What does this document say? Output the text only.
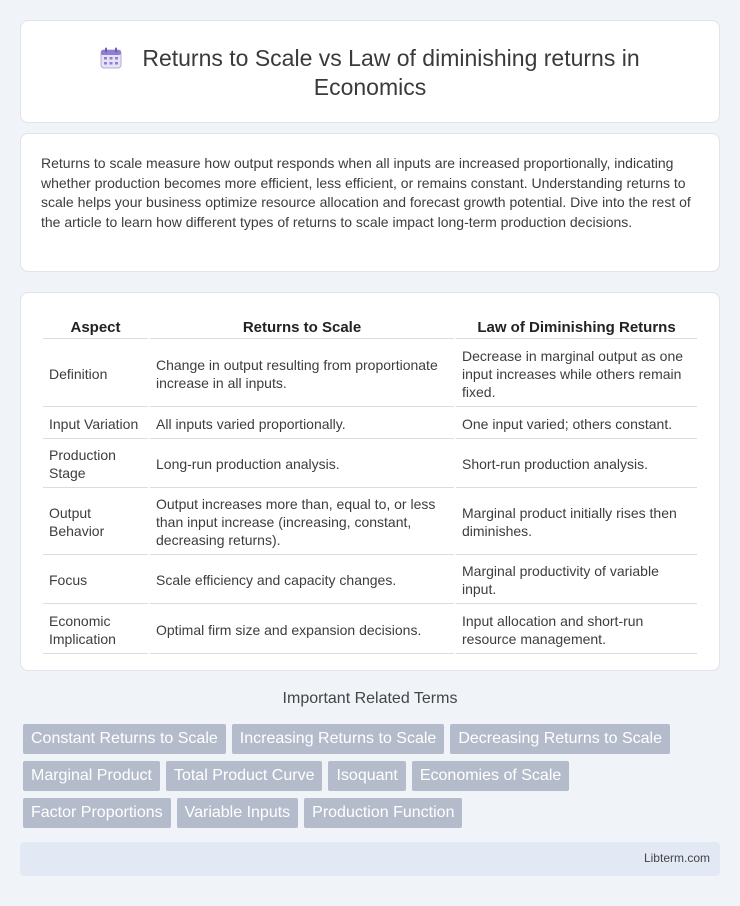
Returns to Scale vs Law of diminishing returns in Economics

Returns to scale measure how output responds when all inputs are increased proportionally, indicating whether production becomes more efficient, less efficient, or remains constant. Understanding returns to scale helps your business optimize resource allocation and forecast growth potential. Dive into the rest of the article to learn how different types of returns to scale impact long-term production decisions.

Aspect	Returns to Scale	Law of Diminishing Returns
Definition	Change in output resulting from proportionate increase in all inputs.	Decrease in marginal output as one input increases while others remain fixed.
Input Variation	All inputs varied proportionally.	One input varied; others constant.
Production Stage	Long-run production analysis.	Short-run production analysis.
Output Behavior	Output increases more than, equal to, or less than input increase (increasing, constant, decreasing returns).	Marginal product initially rises then diminishes.
Focus	Scale efficiency and capacity changes.	Marginal productivity of variable input.
Economic Implication	Optimal firm size and expansion decisions.	Input allocation and short-run resource management.
Important Related Terms
Constant Returns to Scale	Increasing Returns to Scale	Decreasing Returns to Scale
Marginal Product	Total Product Curve	Isoquant	Economies of Scale
Factor Proportions	Variable Inputs	Production Function
Libterm.com
